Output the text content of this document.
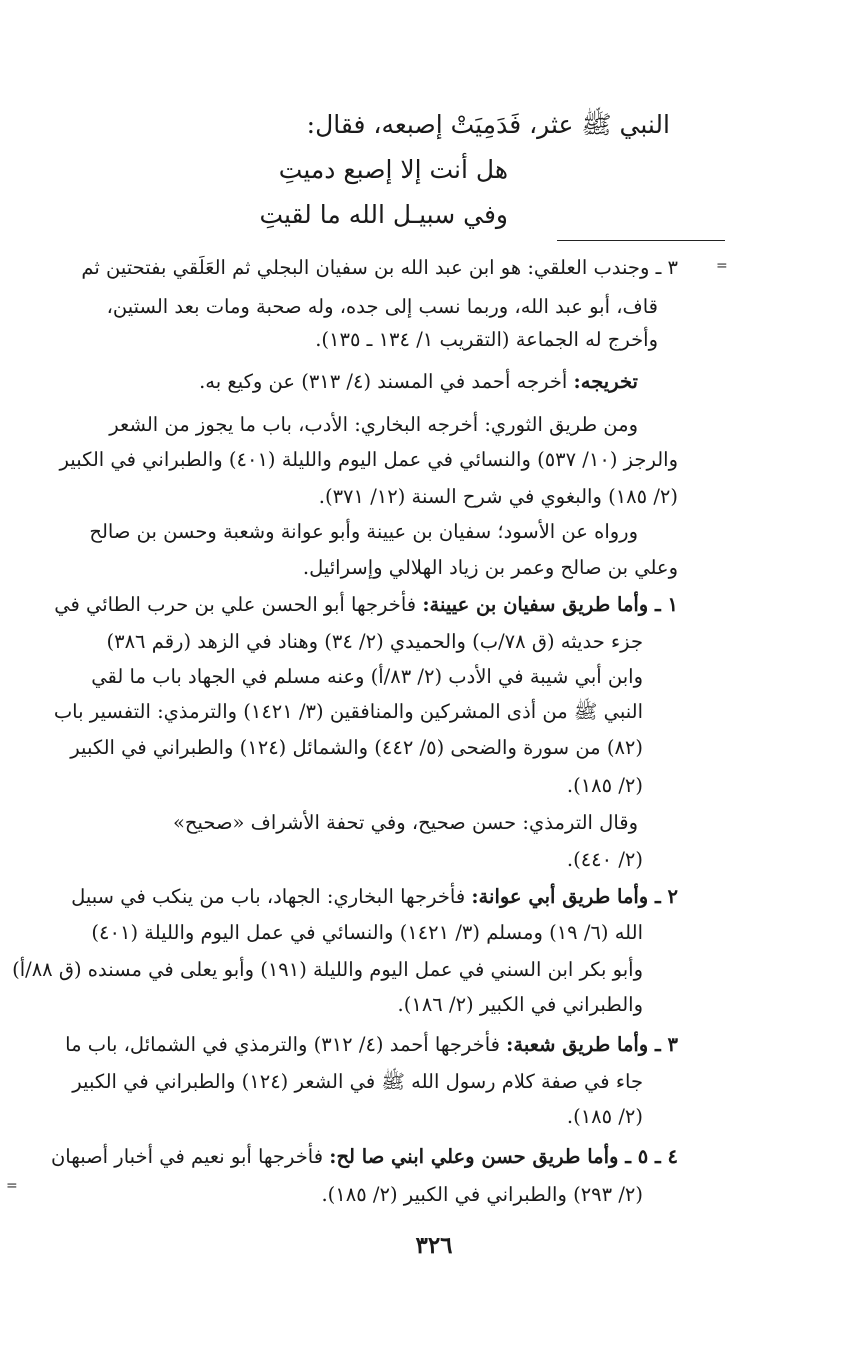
النبي ﷺ عثر، فَدَمِيَتْ إصبعه، فقال:
هل أنت إلا إصبع دميتِ
وفي سبيـل الله ما لقيتِ
=
٣ ـ وجندب العلقي: هو ابن عبد الله بن سفيان البجلي ثم العَلَقي بفتحتين ثم
قاف، أبو عبد الله، وربما نسب إلى جده، وله صحبة ومات بعد الستين،
وأخرج له الجماعة (التقريب ١/ ١٣٤ ـ ١٣٥).
تخريجه: أخرجه أحمد في المسند (٤/ ٣١٣) عن وكيع به.
ومن طريق الثوري: أخرجه البخاري: الأدب، باب ما يجوز من الشعر
والرجز (١٠/ ٥٣٧) والنسائي في عمل اليوم والليلة (٤٠١) والطبراني في الكبير
(٢/ ١٨٥) والبغوي في شرح السنة (١٢/ ٣٧١).
ورواه عن الأسود؛ سفيان بن عيينة وأبو عوانة وشعبة وحسن بن صالح
وعلي بن صالح وعمر بن زياد الهلالي وإسرائيل.
١ ـ وأما طريق سفيان بن عيينة: فأخرجها أبو الحسن علي بن حرب الطائي في
جزء حديثه (ق ٧٨/ب) والحميدي (٢/ ٣٤) وهناد في الزهد (رقم ٣٨٦)
وابن أبي شيبة في الأدب (٢/ ٨٣/أ) وعنه مسلم في الجهاد باب ما لقي
النبي ﷺ من أذى المشركين والمنافقين (٣/ ١٤٢١) والترمذي: التفسير باب
(٨٢) من سورة والضحى (٥/ ٤٤٢) والشمائل (١٢٤) والطبراني في الكبير
(٢/ ١٨٥).
وقال الترمذي: حسن صحيح، وفي تحفة الأشراف «صحيح»
(٢/ ٤٤٠).
٢ ـ وأما طريق أبي عوانة: فأخرجها البخاري: الجهاد، باب من ينكب في سبيل
الله (٦/ ١٩) ومسلم (٣/ ١٤٢١) والنسائي في عمل اليوم والليلة (٤٠١)
وأبو بكر ابن السني في عمل اليوم والليلة (١٩١) وأبو يعلى في مسنده (ق ٨٨/أ)
والطبراني في الكبير (٢/ ١٨٦).
٣ ـ وأما طريق شعبة: فأخرجها أحمد (٤/ ٣١٢) والترمذي في الشمائل، باب ما
جاء في صفة كلام رسول الله ﷺ في الشعر (١٢٤) والطبراني في الكبير
(٢/ ١٨٥).
=
٤ ـ ٥ ـ وأما طريق حسن وعلي ابني صا لح: فأخرجها أبو نعيم في أخبار أصبهان
(٢/ ٢٩٣) والطبراني في الكبير (٢/ ١٨٥).
٣٢٦
